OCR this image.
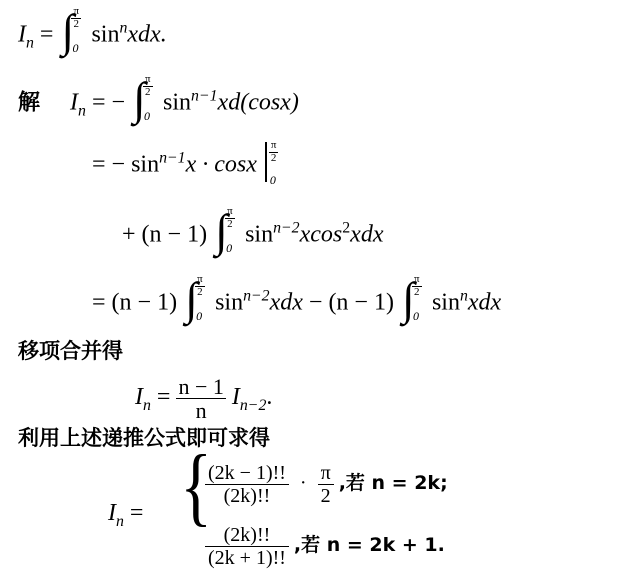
$I_n$ = ∫
$\frac{\pi}{2}$
0
$\sin^nxdx$.
解 $I_n$ = − ∫
$\frac{\pi}{2}$
0
$\sin^{n-1}xd(\cos x)$
= − $\sin^{n-1}x \cdot \cos x \frac{\pi}{2}$
0
+ (n − 1) ∫
$\frac{\pi}{2}$
0
$\sin^{n-2}xcos^2xdx$
= (n − 1) ∫
$\frac{\pi}{2}$
0
$\sin^{n-2}xdx - (n - 1)$ ∫
$\frac{\pi}{2}$
0
$\sin^nxdx$
移项合并得
$I_n = \frac{n - 1}{n} I_{n-2}$.
利用上述递推公式即可求得
$I_n$ = {
$\frac{(2k - 1)!!}{(2k)!!} \cdot \frac{\pi}{2}$ ,若 n = 2k;
$\frac{(2k)!!}{(2k + 1)!!}$ ,若 n = 2k + 1.
